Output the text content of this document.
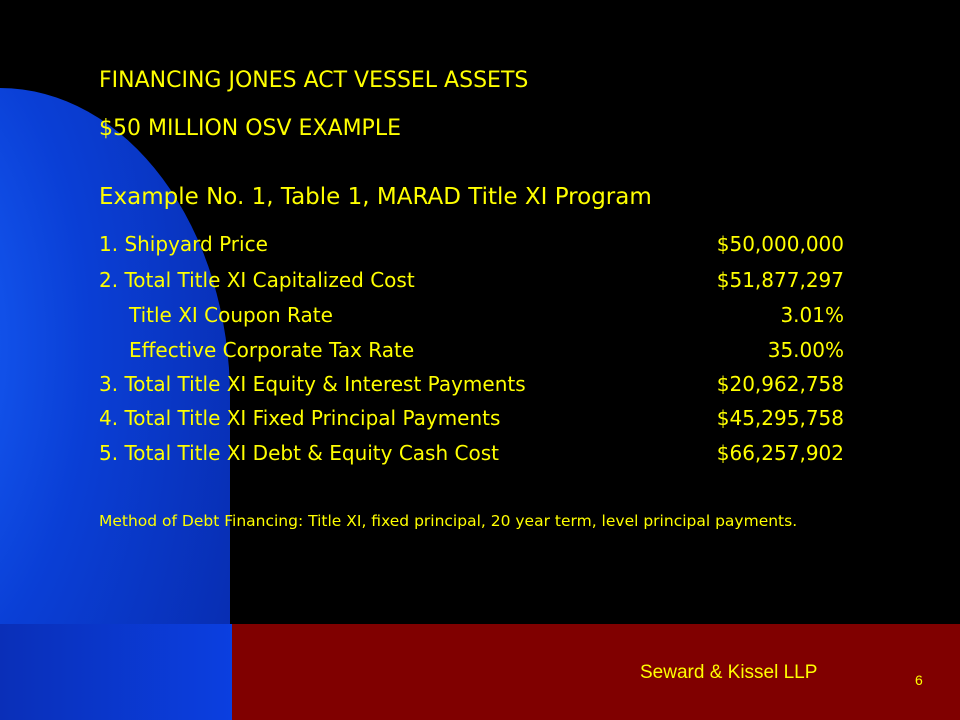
FINANCING JONES ACT VESSEL ASSETS
$50 MILLION OSV EXAMPLE
Example No. 1, Table 1, MARAD Title XI Program
1. Shipyard Price	$50,000,000
2. Total Title XI Capitalized Cost	$51,877,297
Title XI Coupon Rate	3.01%
Effective Corporate Tax Rate	35.00%
3. Total Title XI Equity & Interest Payments	$20,962,758
4. Total Title XI Fixed Principal Payments	$45,295,758
5. Total Title XI Debt & Equity Cash Cost	$66,257,902
Method of Debt Financing: Title XI, fixed principal, 20 year term, level principal payments.
Seward & Kissel LLP	6
